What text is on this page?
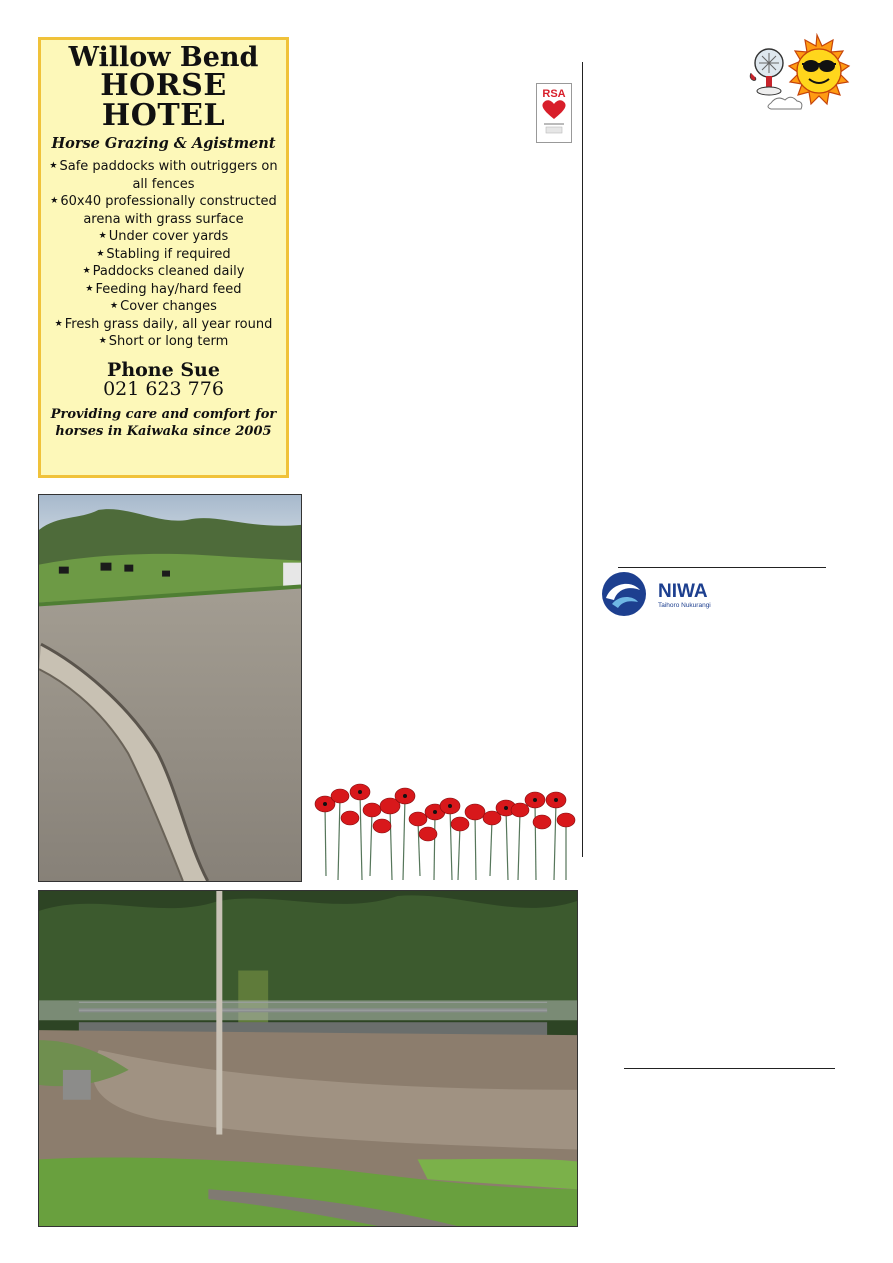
Willow Bend
HORSE
HOTEL
Horse Grazing & Agistment
★ Safe paddocks with outriggers on all fences
★ 60x40 professionally constructed arena with grass surface
★ Under cover yards
★ Stabling if required
★ Paddocks cleaned daily
★ Feeding hay/hard feed
★ Cover changes
★ Fresh grass daily, all year round
★ Short or long term
Phone Sue
021 623 776
Providing care and comfort for
horses in Kaiwaka since 2005
RSA
NIWA
Taihoro Nukurangi
